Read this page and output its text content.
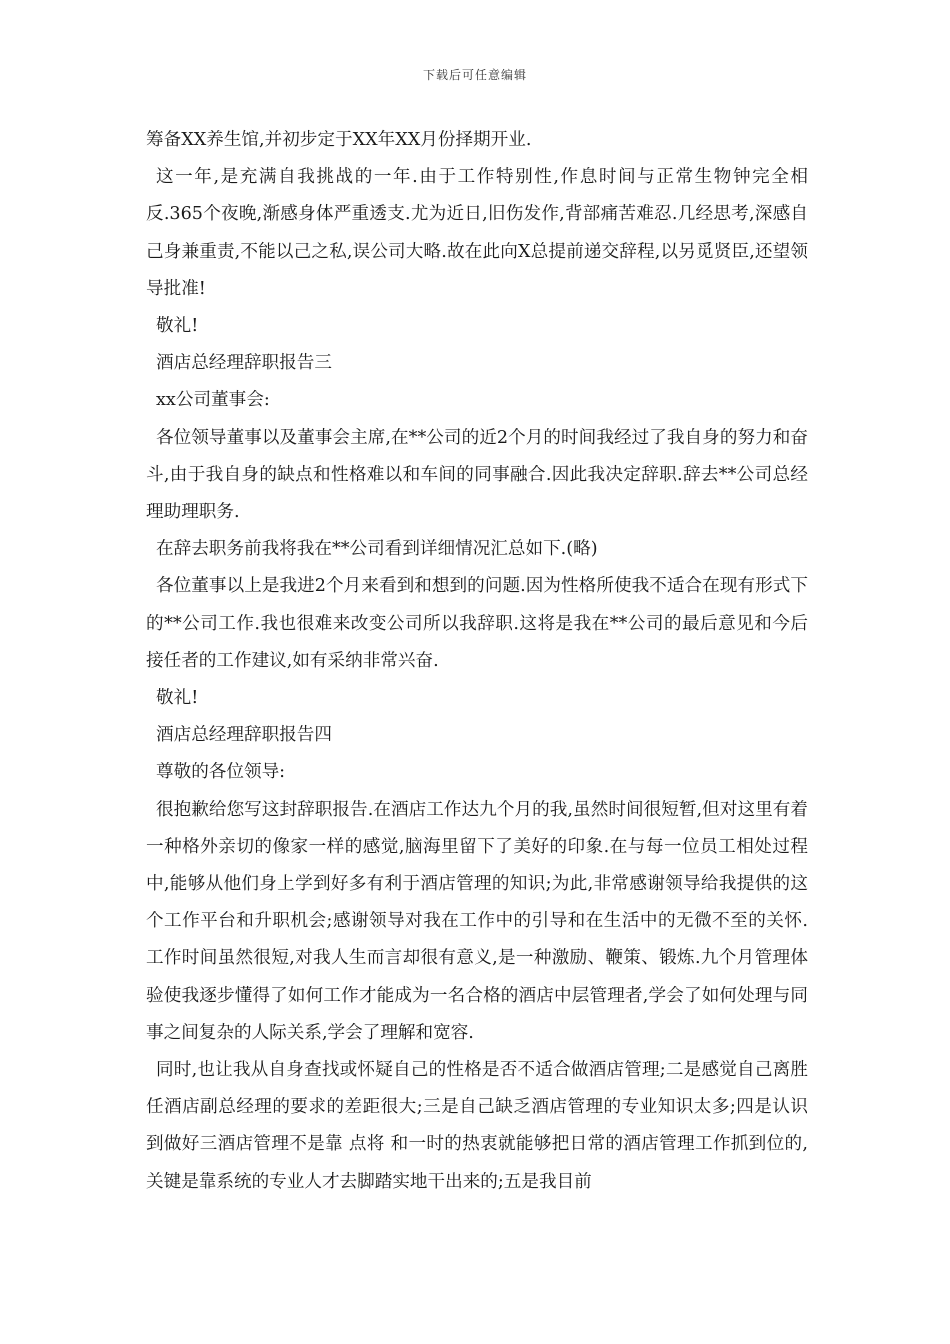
下载后可任意编辑

筹备XX养生馆,并初步定于XX年XX月份择期开业.

这一年,是充满自我挑战的一年.由于工作特别性,作息时间与正常生物钟完全相反.365个夜晚,渐感身体严重透支.尤为近日,旧伤发作,背部痛苦难忍.几经思考,深感自己身兼重责,不能以己之私,误公司大略.故在此向X总提前递交辞程,以另觅贤臣,还望领导批准!

敬礼!

酒店总经理辞职报告三

xx公司董事会:

各位领导董事以及董事会主席,在**公司的近2个月的时间我经过了我自身的努力和奋斗,由于我自身的缺点和性格难以和车间的同事融合.因此我决定辞职.辞去**公司总经理助理职务.

在辞去职务前我将我在**公司看到详细情况汇总如下.(略)

各位董事以上是我进2个月来看到和想到的问题.因为性格所使我不适合在现有形式下的**公司工作.我也很难来改变公司所以我辞职.这将是我在**公司的最后意见和今后接任者的工作建议,如有采纳非常兴奋.

敬礼!

酒店总经理辞职报告四

尊敬的各位领导:

很抱歉给您写这封辞职报告.在酒店工作达九个月的我,虽然时间很短暂,但对这里有着一种格外亲切的像家一样的感觉,脑海里留下了美好的印象.在与每一位员工相处过程中,能够从他们身上学到好多有利于酒店管理的知识;为此,非常感谢领导给我提供的这个工作平台和升职机会;感谢领导对我在工作中的引导和在生活中的无微不至的关怀.工作时间虽然很短,对我人生而言却很有意义,是一种激励、鞭策、锻炼.九个月管理体验使我逐步懂得了如何工作才能成为一名合格的酒店中层管理者,学会了如何处理与同事之间复杂的人际关系,学会了理解和宽容.

同时,也让我从自身查找或怀疑自己的性格是否不适合做酒店管理;二是感觉自己离胜任酒店副总经理的要求的差距很大;三是自己缺乏酒店管理的专业知识太多;四是认识到做好三酒店管理不是靠 点将 和一时的热衷就能够把日常的酒店管理工作抓到位的,关键是靠系统的专业人才去脚踏实地干出来的;五是我目前
